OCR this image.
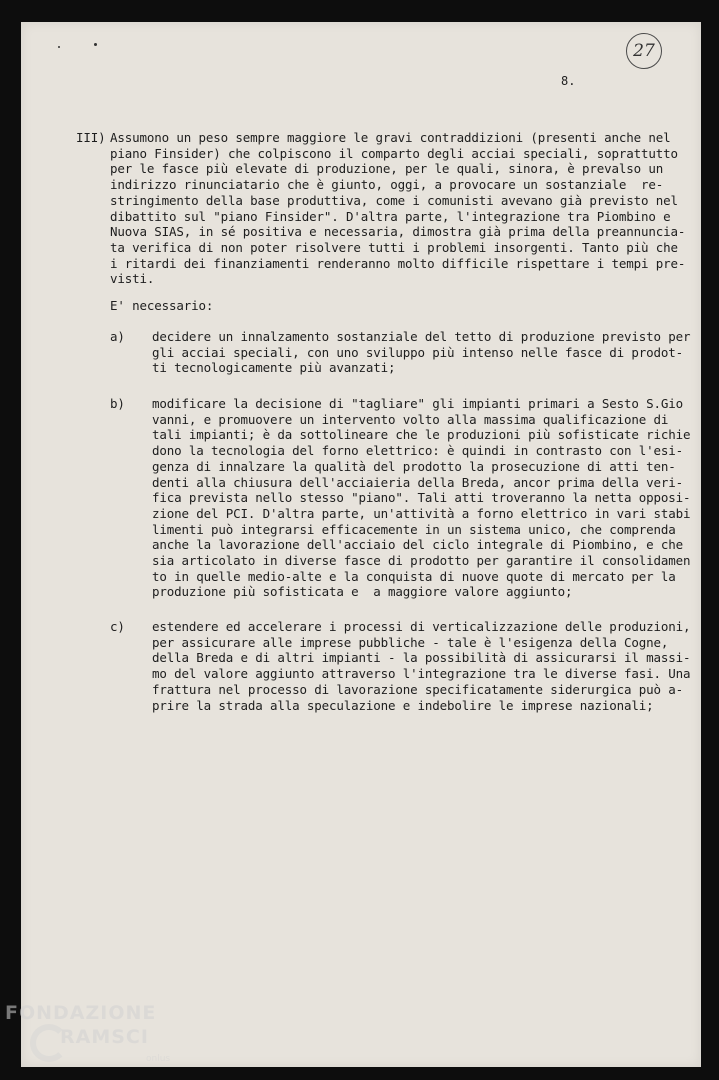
27
8.
III) Assumono un peso sempre maggiore le gravi contraddizioni (presenti anche nel
piano Finsider) che colpiscono il comparto degli acciai speciali, soprattutto
per le fasce più elevate di produzione, per le quali, sinora, è prevalso un
indirizzo rinunciatario che è giunto, oggi, a provocare un sostanziale  re-
stringimento della base produttiva, come i comunisti avevano già previsto nel
dibattito sul "piano Finsider". D'altra parte, l'integrazione tra Piombino e
Nuova SIAS, in sé positiva e necessaria, dimostra già prima della preannuncia-
ta verifica di non poter risolvere tutti i problemi insorgenti. Tanto più che
i ritardi dei finanziamenti renderanno molto difficile rispettare i tempi pre-
visti.
E' necessario:
a) decidere un innalzamento sostanziale del tetto di produzione previsto per
gli acciai speciali, con uno sviluppo più intenso nelle fasce di prodot-
ti tecnologicamente più avanzati;
b) modificare la decisione di "tagliare" gli impianti primari a Sesto S.Gio
vanni, e promuovere un intervento volto alla massima qualificazione di
tali impianti; è da sottolineare che le produzioni più sofisticate richie
dono la tecnologia del forno elettrico: è quindi in contrasto con l'esi-
genza di innalzare la qualità del prodotto la prosecuzione di atti ten-
denti alla chiusura dell'acciaieria della Breda, ancor prima della veri-
fica prevista nello stesso "piano". Tali atti troveranno la netta opposi-
zione del PCI. D'altra parte, un'attività a forno elettrico in vari stabi
limenti può integrarsi efficacemente in un sistema unico, che comprenda
anche la lavorazione dell'acciaio del ciclo integrale di Piombino, e che
sia articolato in diverse fasce di prodotto per garantire il consolidamen
to in quelle medio-alte e la conquista di nuove quote di mercato per la
produzione più sofisticata e  a maggiore valore aggiunto;
c) estendere ed accelerare i processi di verticalizzazione delle produzioni,
per assicurare alle imprese pubbliche - tale è l'esigenza della Cogne,
della Breda e di altri impianti - la possibilità di assicurarsi il massi-
mo del valore aggiunto attraverso l'integrazione tra le diverse fasi. Una
frattura nel processo di lavorazione specificatamente siderurgica può a-
prire la strada alla speculazione e indebolire le imprese nazionali;
FONDAZIONE
RAMSCI
onlus
